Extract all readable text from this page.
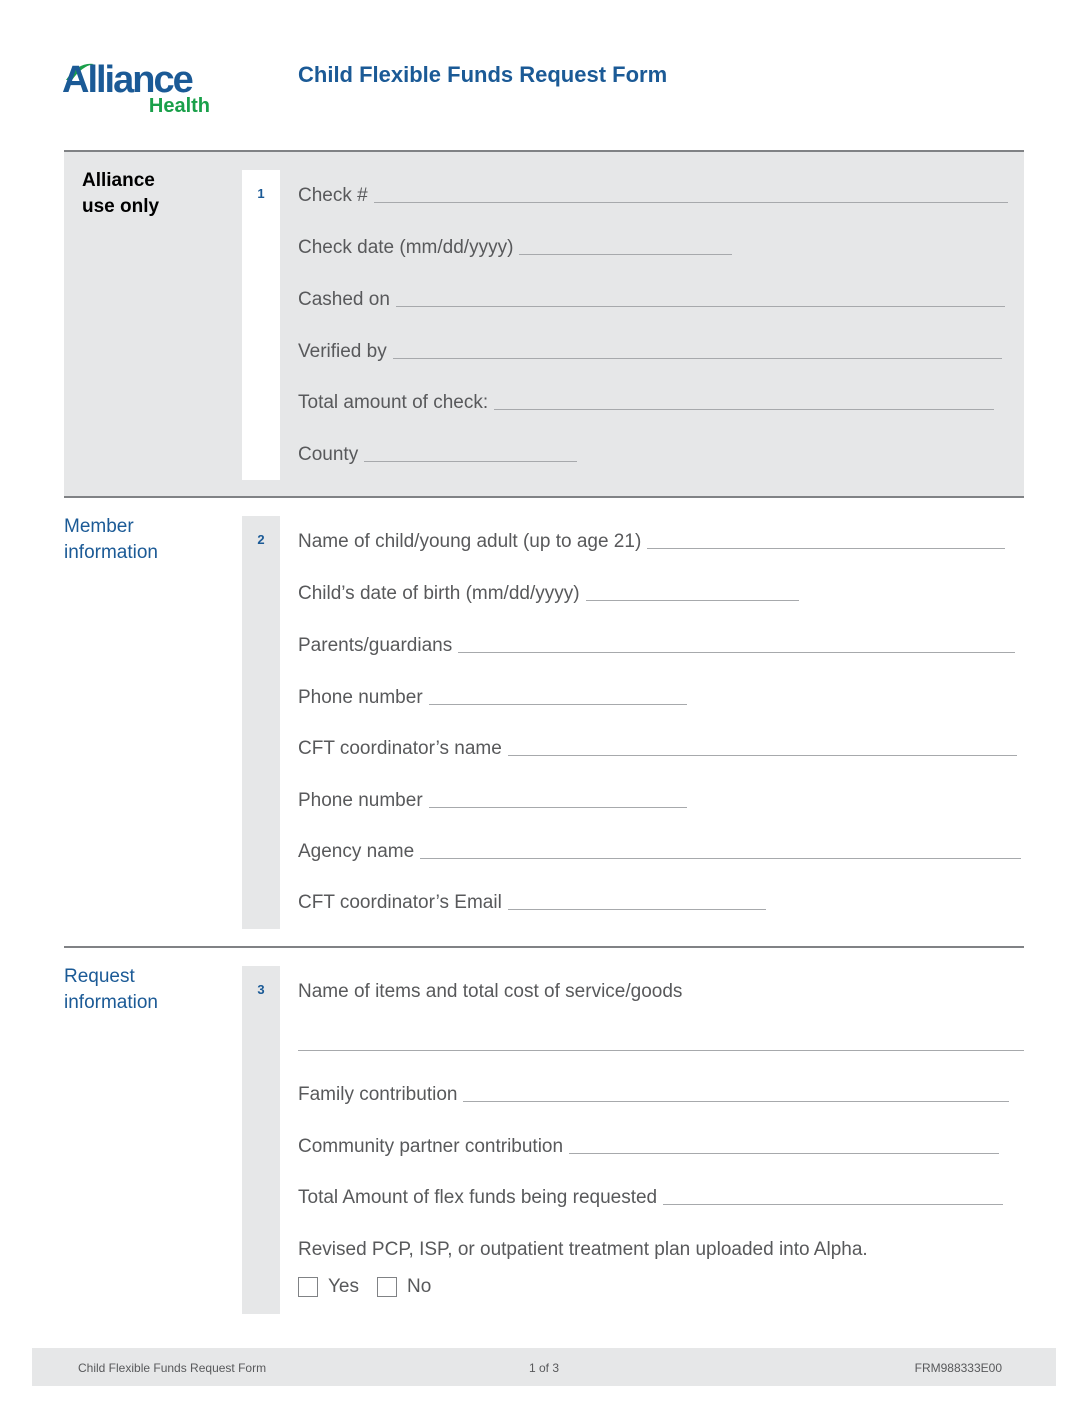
Alliance
Health
Child Flexible Funds Request Form
Alliance
use only
1	Check #
Check date (mm/dd/yyyy)
Cashed on
Verified by
Total amount of check:
County
Member
information
2	Name of child/young adult (up to age 21)
Child’s date of birth (mm/dd/yyyy)
Parents/guardians
Phone number
CFT coordinator’s name
Phone number
Agency name
CFT coordinator’s Email
Request
information
3	Name of items and total cost of service/goods
Family contribution
Community partner contribution
Total Amount of flex funds being requested
Revised PCP, ISP, or outpatient treatment plan uploaded into Alpha.
Yes	No
Child Flexible Funds Request Form	1 of 3	FRM988333E00
